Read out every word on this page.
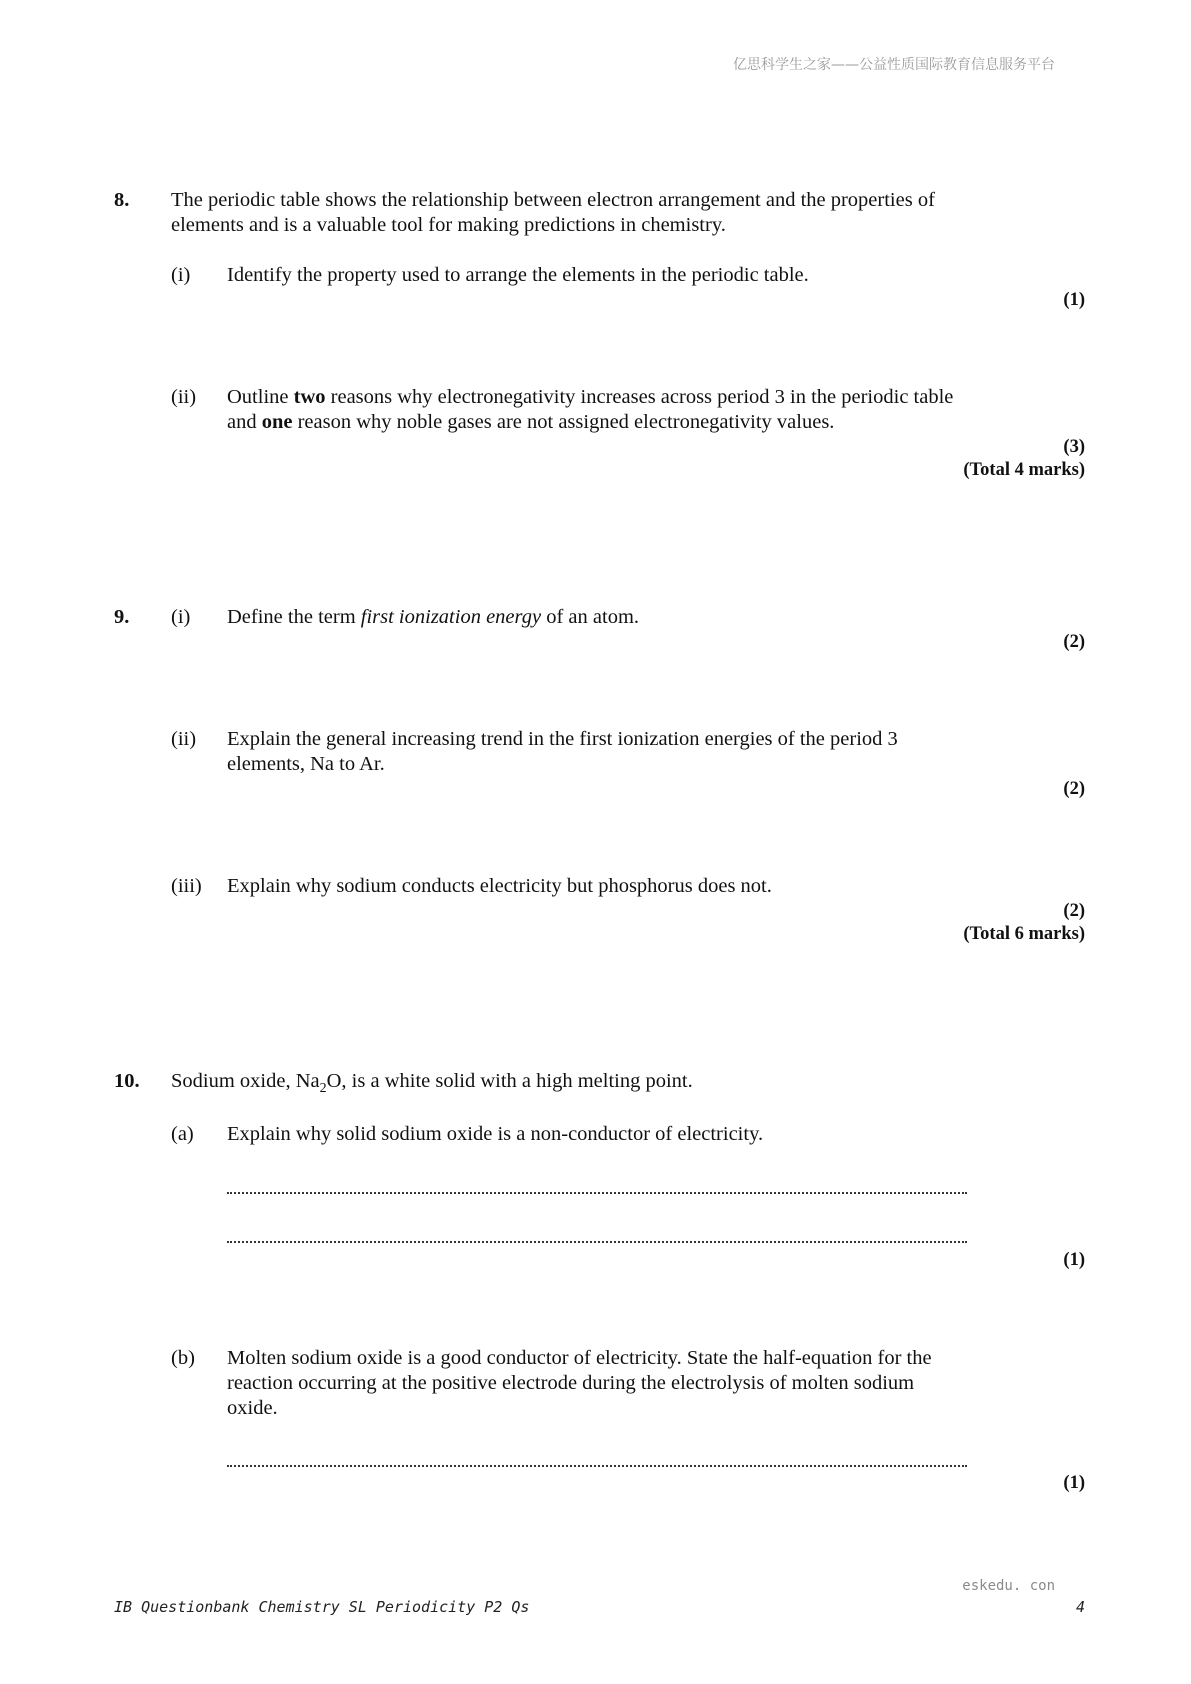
亿思科学生之家——公益性质国际教育信息服务平台
8. The periodic table shows the relationship between electron arrangement and the properties of
elements and is a valuable tool for making predictions in chemistry.
(i) Identify the property used to arrange the elements in the periodic table.
(1)
(ii) Outline two reasons why electronegativity increases across period 3 in the periodic table
and one reason why noble gases are not assigned electronegativity values.
(3)
(Total 4 marks)
9. (i) Define the term first ionization energy of an atom.
(2)
(ii) Explain the general increasing trend in the first ionization energies of the period 3
elements, Na to Ar.
(2)
(iii) Explain why sodium conducts electricity but phosphorus does not.
(2)
(Total 6 marks)
10. Sodium oxide, $Na_2O$, is a white solid with a high melting point.
(a) Explain why solid sodium oxide is a non-conductor of electricity.
(1)
(b) Molten sodium oxide is a good conductor of electricity. State the half-equation for the
reaction occurring at the positive electrode during the electrolysis of molten sodium
oxide.
(1)
eskedu. con
IB Questionbank Chemistry SL Periodicity P2 Qs	4
